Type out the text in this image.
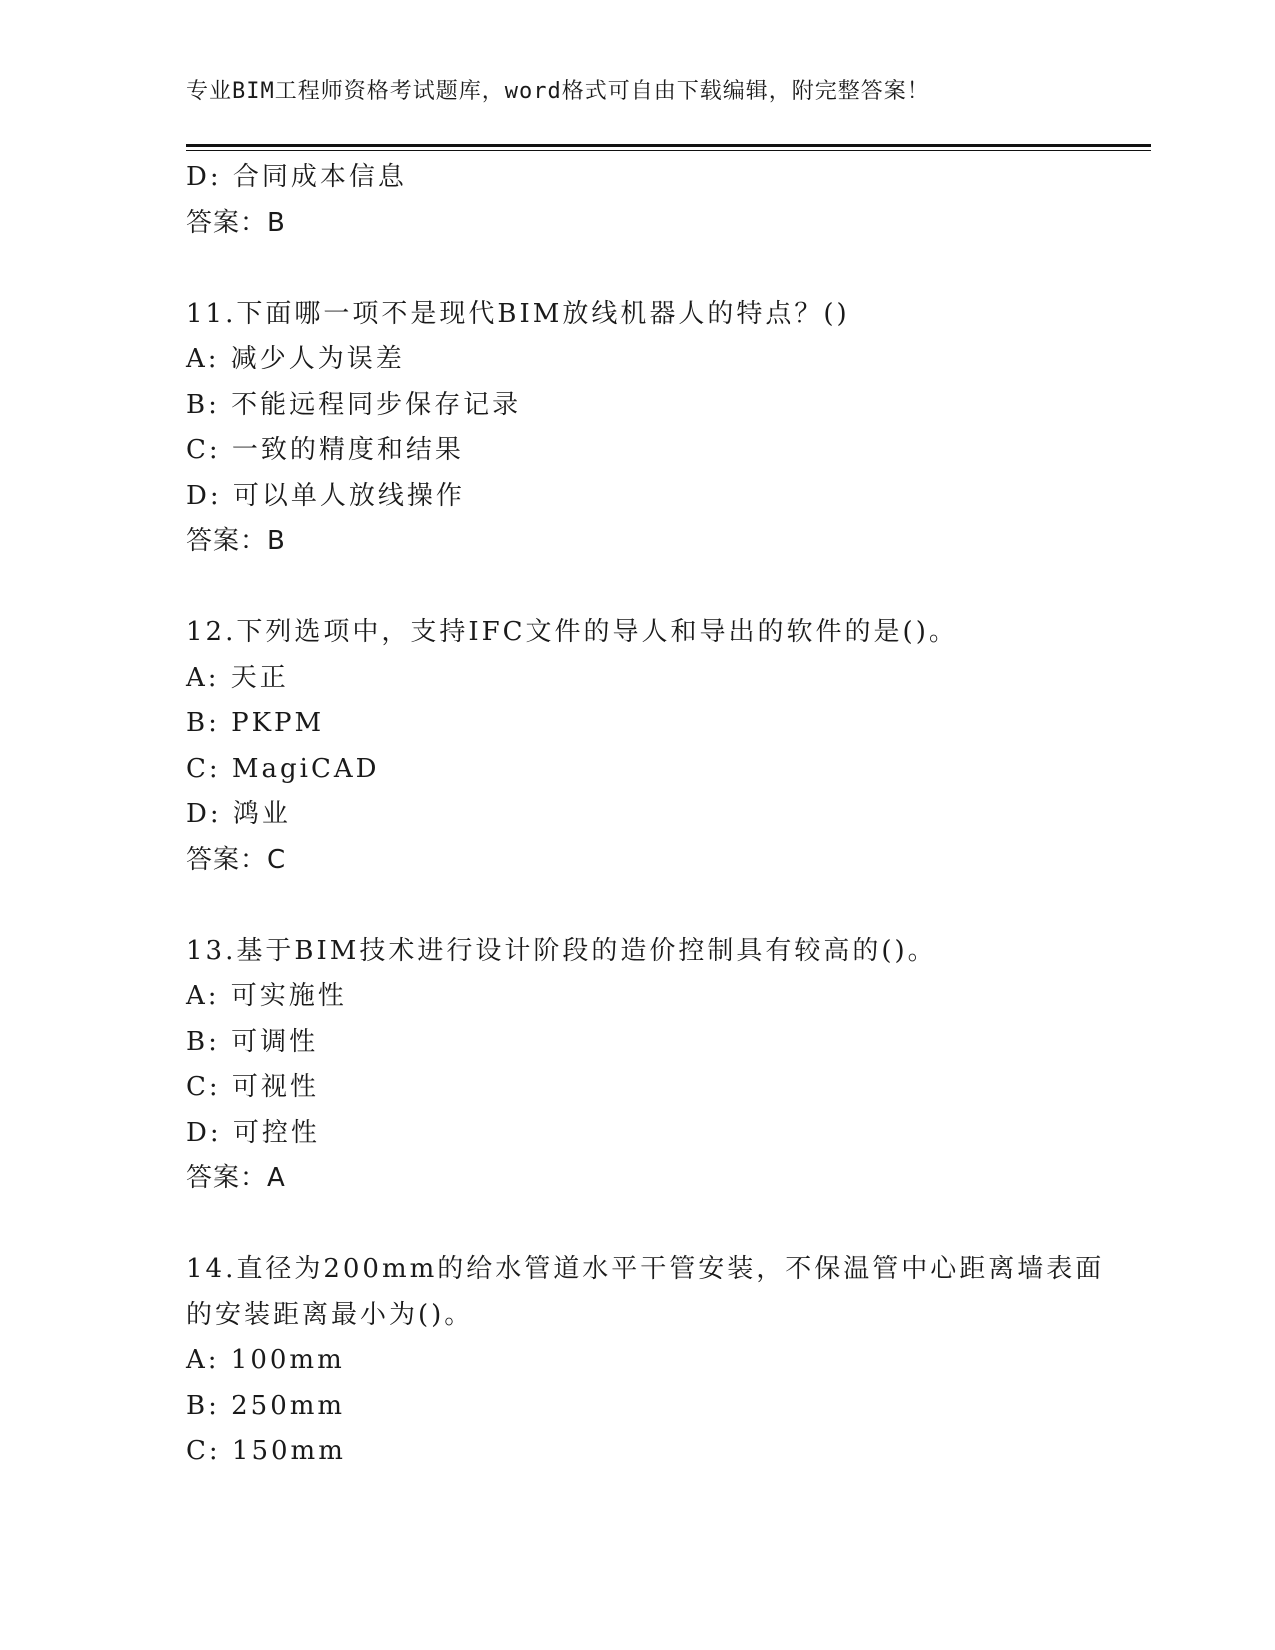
专业BIM工程师资格考试题库，word格式可自由下载编辑，附完整答案！
D: 合同成本信息
答案：B
11.下面哪一项不是现代BIM放线机器人的特点？()
A: 减少人为误差
B: 不能远程同步保存记录
C: 一致的精度和结果
D: 可以单人放线操作
答案：B
12.下列选项中，支持IFC文件的导人和导出的软件的是()。
A: 天正
B: PKPM
C: MagiCAD
D: 鸿业
答案：C
13.基于BIM技术进行设计阶段的造价控制具有较高的()。
A: 可实施性
B: 可调性
C: 可视性
D: 可控性
答案：A
14.直径为200mm的给水管道水平干管安装，不保温管中心距离墙表面
的安装距离最小为()。
A: 100mm
B: 250mm
C: 150mm
